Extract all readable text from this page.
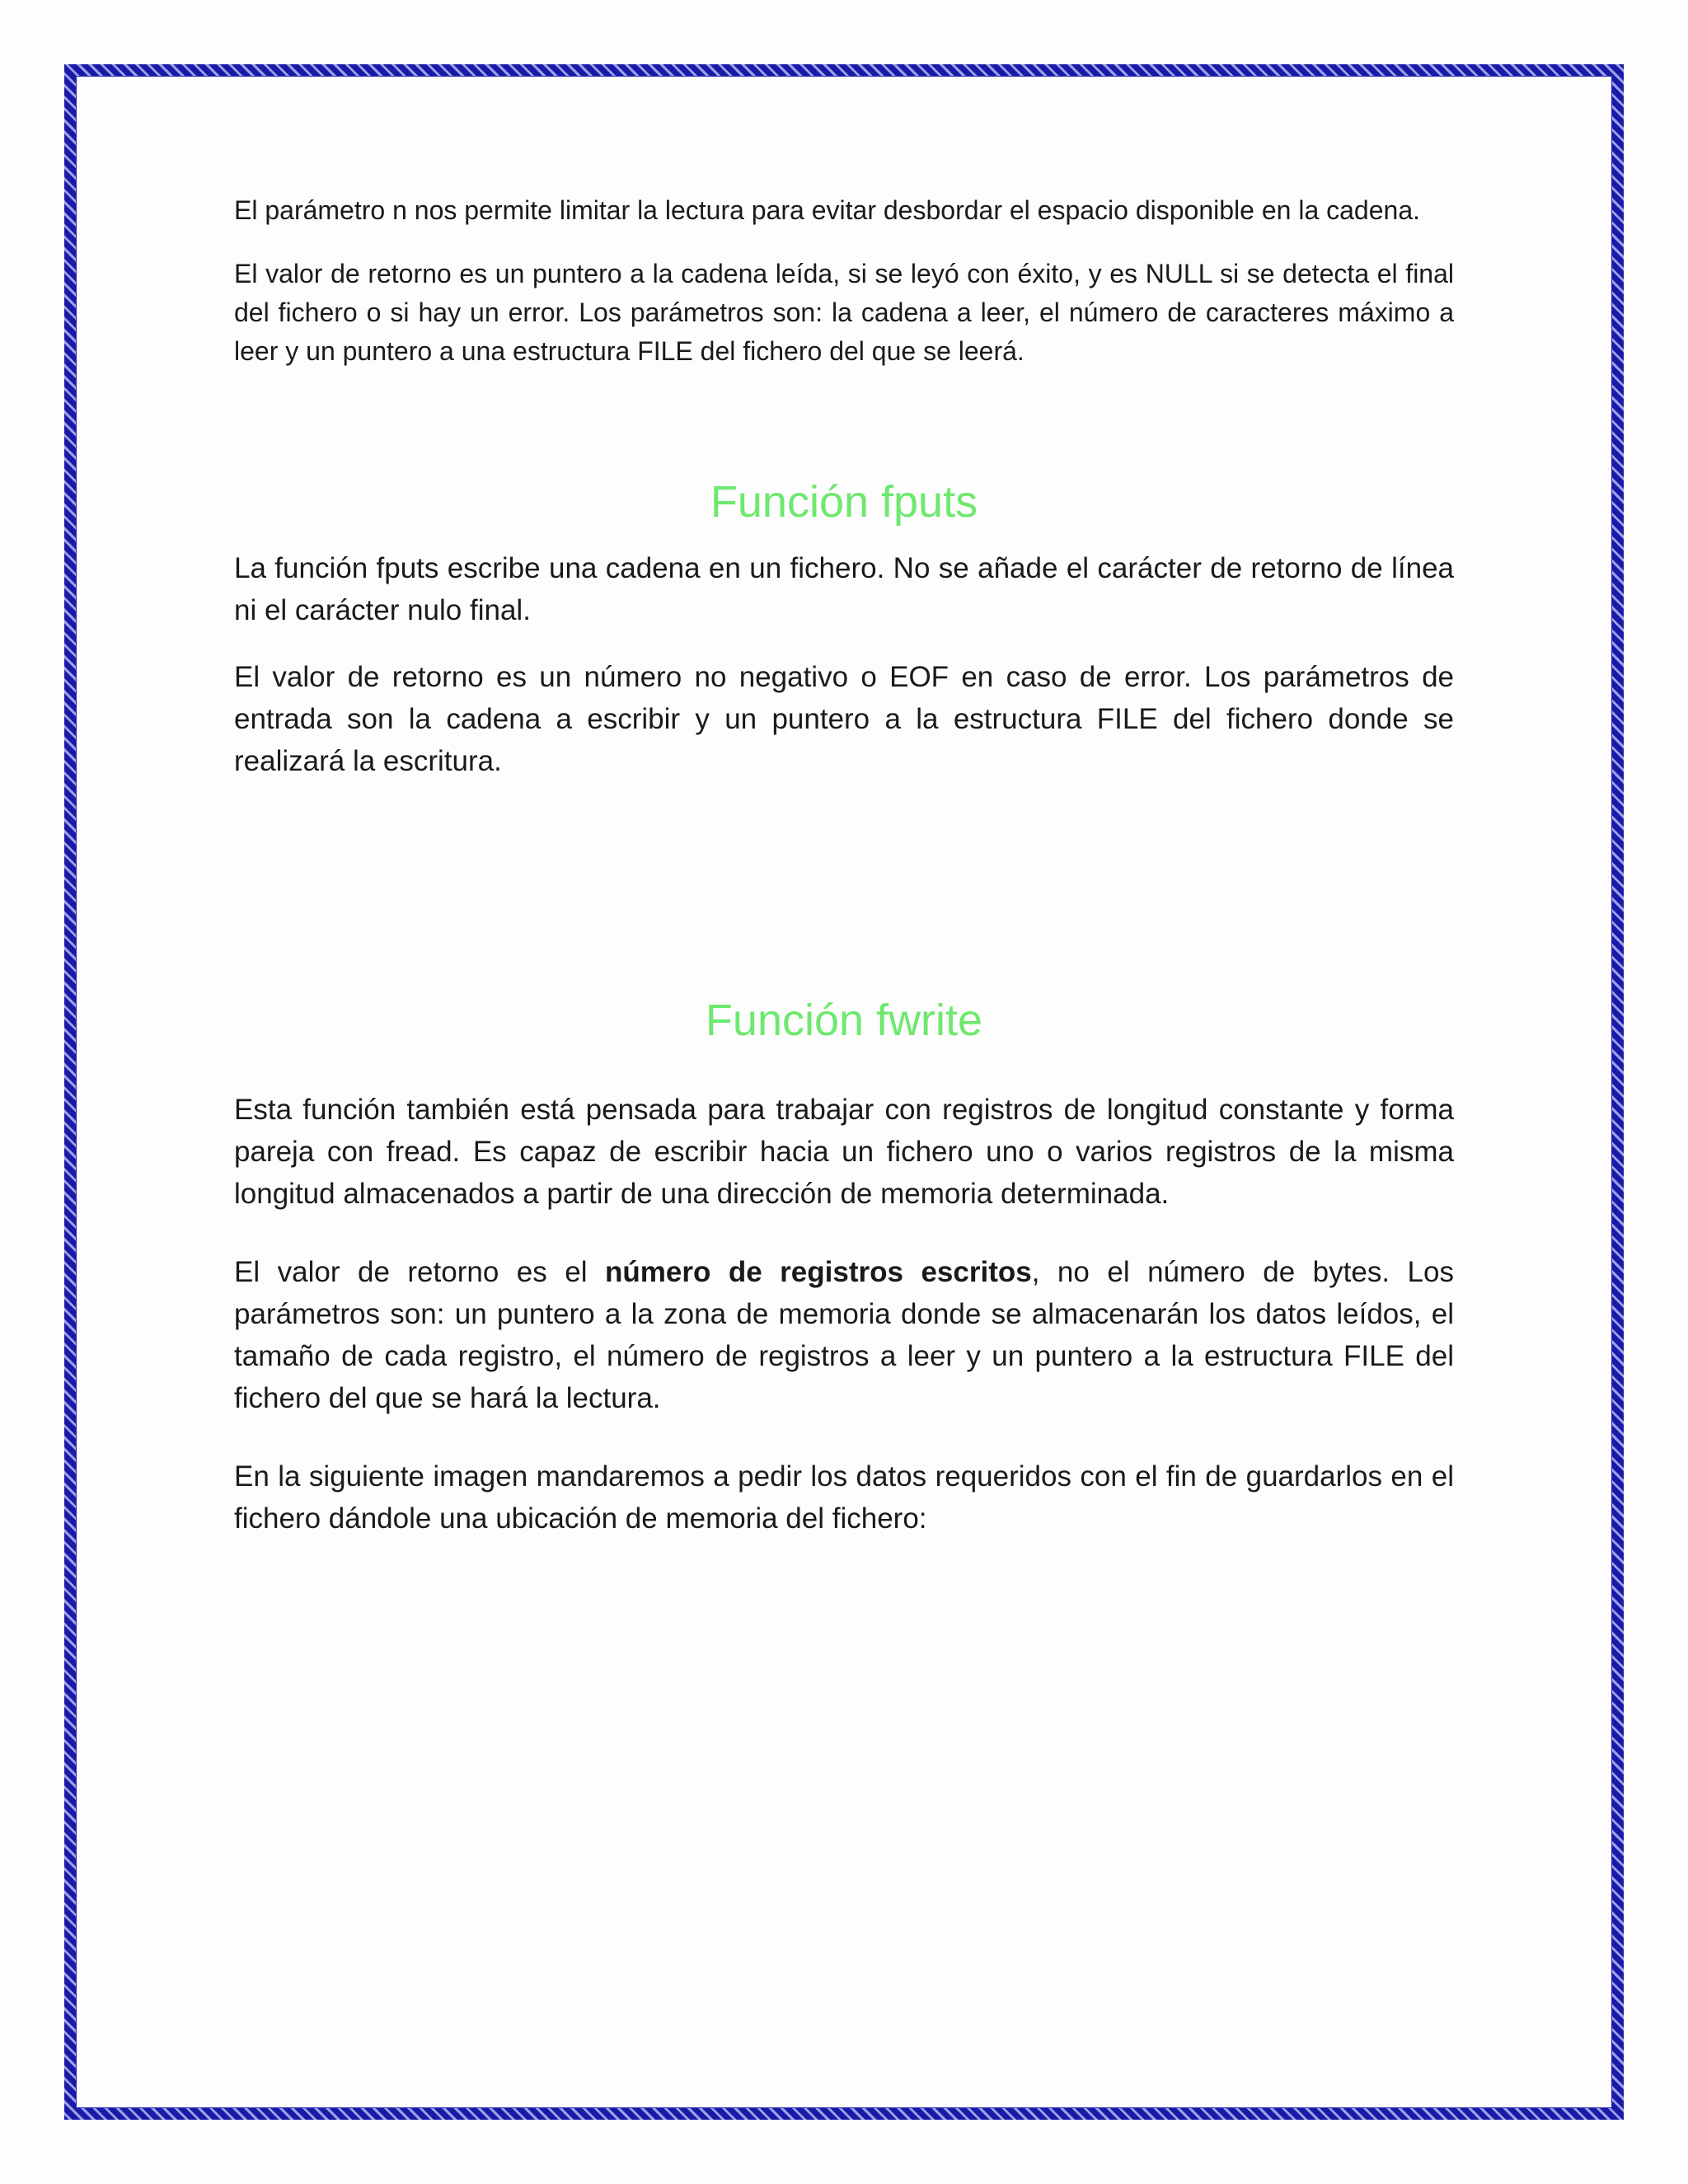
El parámetro n nos permite limitar la lectura para evitar desbordar el espacio disponible en la cadena.

El valor de retorno es un puntero a la cadena leída, si se leyó con éxito, y es NULL si se detecta el final del fichero o si hay un error. Los parámetros son: la cadena a leer, el número de caracteres máximo a leer y un puntero a una estructura FILE del fichero del que se leerá.

Función fputs

La función fputs escribe una cadena en un fichero. No se añade el carácter de retorno de línea ni el carácter nulo final.

El valor de retorno es un número no negativo o EOF en caso de error. Los parámetros de entrada son la cadena a escribir y un puntero a la estructura FILE del fichero donde se realizará la escritura.

Función fwrite

Esta función también está pensada para trabajar con registros de longitud constante y forma pareja con fread. Es capaz de escribir hacia un fichero uno o varios registros de la misma longitud almacenados a partir de una dirección de memoria determinada.

El valor de retorno es el número de registros escritos, no el número de bytes. Los parámetros son: un puntero a la zona de memoria donde se almacenarán los datos leídos, el tamaño de cada registro, el número de registros a leer y un puntero a la estructura FILE del fichero del que se hará la lectura.

En la siguiente imagen mandaremos a pedir los datos requeridos con el fin de guardarlos en el fichero dándole una ubicación de memoria del fichero:
